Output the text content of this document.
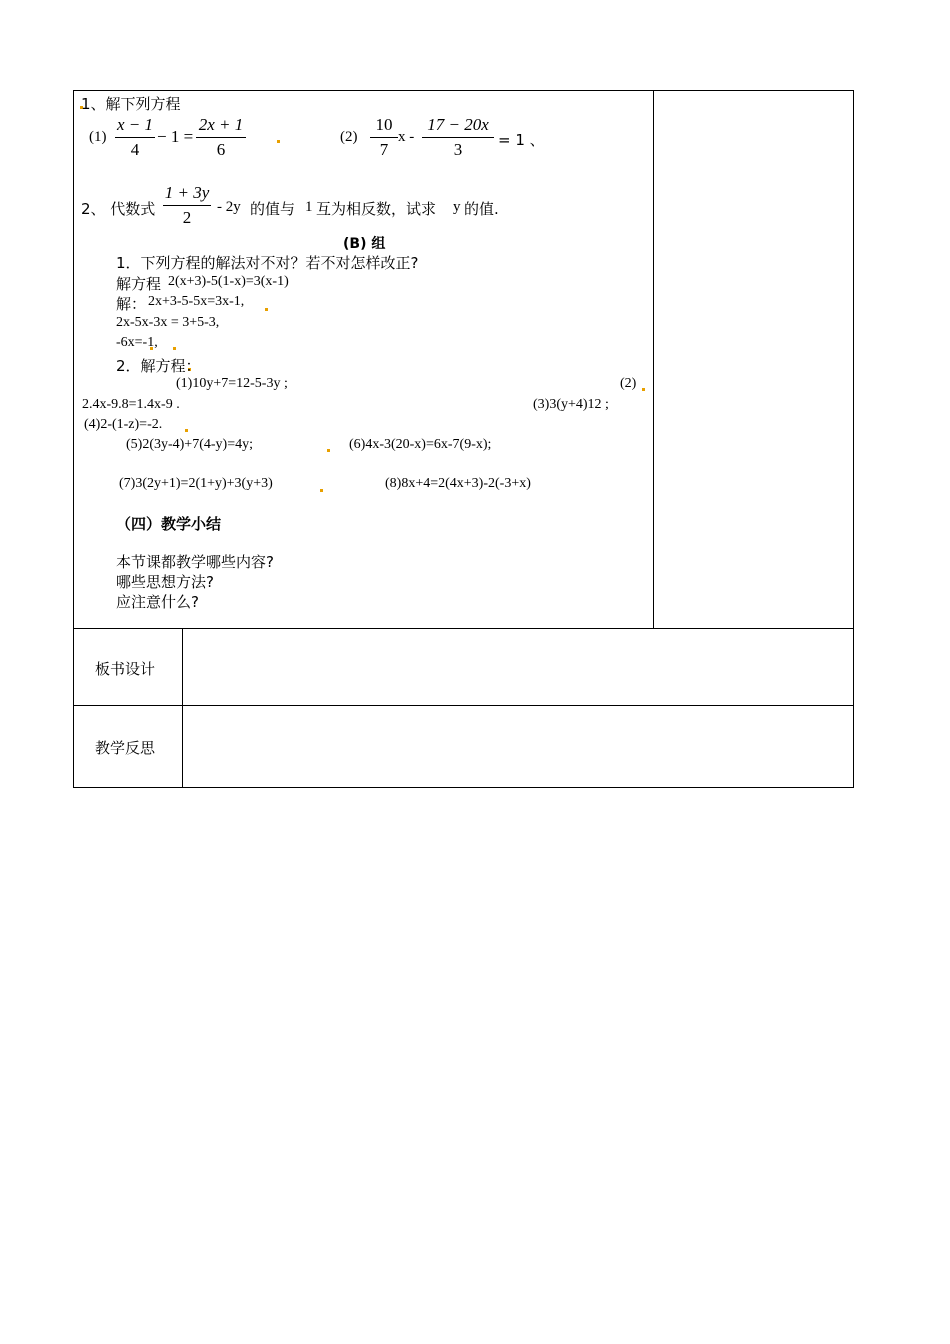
1、解下列方程
(1)
x − 1
4
− 1 =
2x + 1
6
(2)
10
7
x -
17 − 20x
3	= 1 、
2、 代数式
1 + 3y
2
- 2y 的值与 1 互为相反数，试求 y 的值.
(B) 组
1．下列方程的解法对不对？若不对怎样改正?
解方程 2(x+3)-5(1-x)=3(x-1)
解： 2x+3-5-5x=3x-1,
2x-5x-3x = 3+5-3,
-6x=-1,
2．解方程：
(1)10y+7=12-5-3y ;	(2)
2.4x-9.8=1.4x-9 .	(3)3(y+4)12 ;
(4)2-(1-z)=-2.
(5)2(3y-4)+7(4-y)=4y;	(6)4x-3(20-x)=6x-7(9-x);
(7)3(2y+1)=2(1+y)+3(y+3)	(8)8x+4=2(4x+3)-2(-3+x)
（四）教学小结
本节课都教学哪些内容?
哪些思想方法?
应注意什么?
板书设计
教学反思
